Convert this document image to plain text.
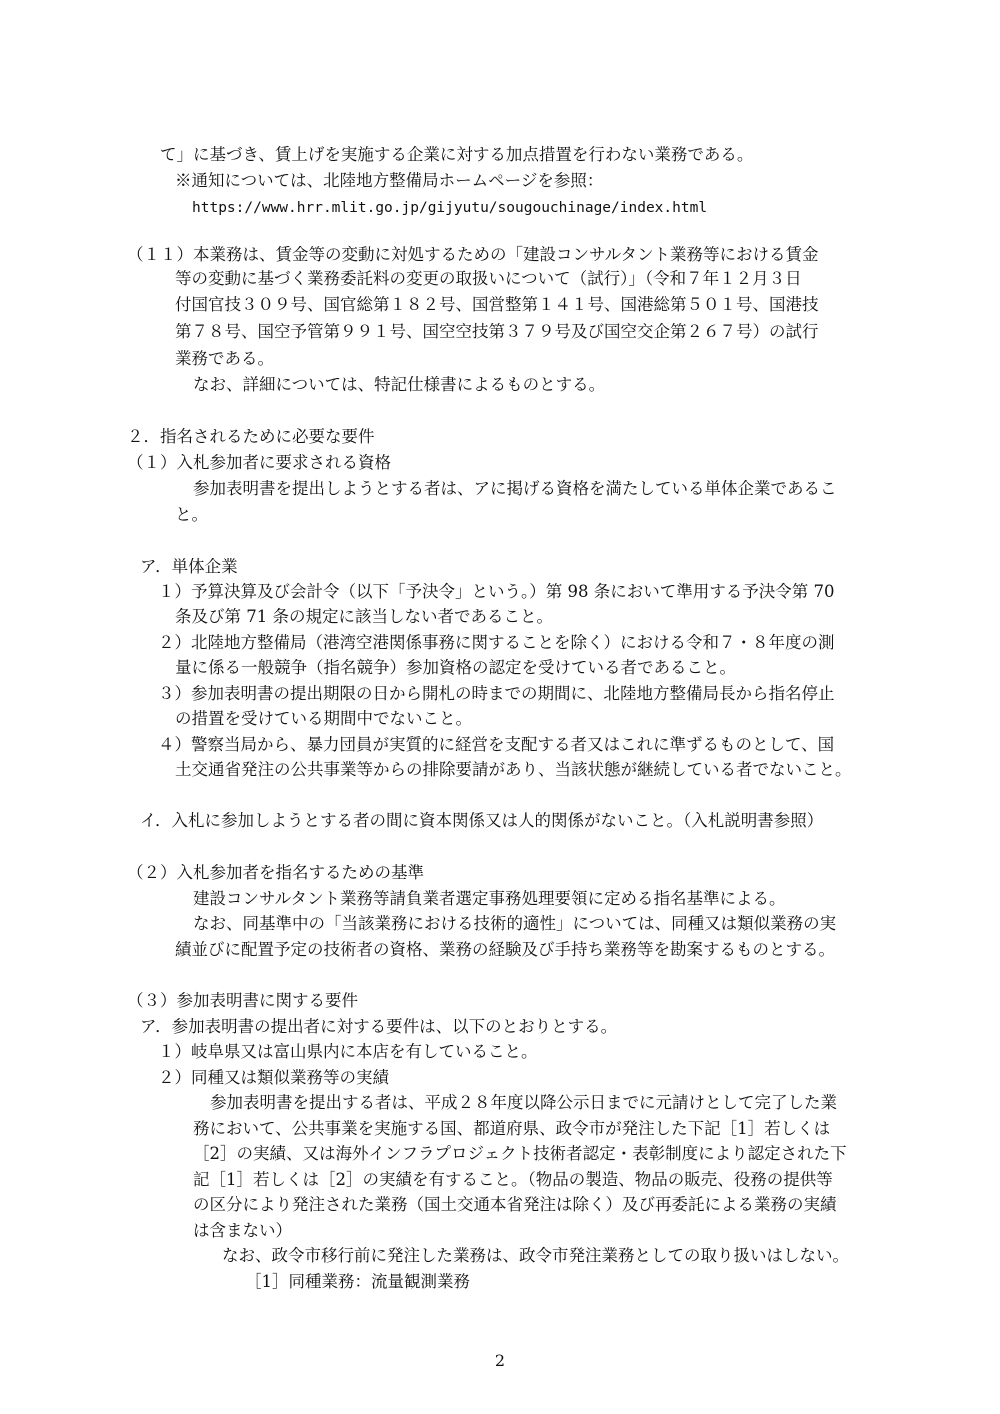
て」に基づき、賃上げを実施する企業に対する加点措置を行わない業務である。
※通知については、北陸地方整備局ホームページを参照：
https://www.hrr.mlit.go.jp/gijyutu/sougouchinage/index.html
（１１）本業務は、賃金等の変動に対処するための「建設コンサルタント業務等における賃金
等の変動に基づく業務委託料の変更の取扱いについて（試行）」（令和７年１２月３日
付国官技３０９号、国官総第１８２号、国営整第１４１号、国港総第５０１号、国港技
第７８号、国空予管第９９１号、国空空技第３７９号及び国空交企第２６７号）の試行
業務である。
なお、詳細については、特記仕様書によるものとする。
２．指名されるために必要な要件
（１）入札参加者に要求される資格
参加表明書を提出しようとする者は、アに掲げる資格を満たしている単体企業であるこ
と。
ア．単体企業
１）予算決算及び会計令（以下「予決令」という。）第 98 条において準用する予決令第 70
条及び第 71 条の規定に該当しない者であること。
２）北陸地方整備局（港湾空港関係事務に関することを除く）における令和７・８年度の測
量に係る一般競争（指名競争）参加資格の認定を受けている者であること。
３）参加表明書の提出期限の日から開札の時までの期間に、北陸地方整備局長から指名停止
の措置を受けている期間中でないこと。
４）警察当局から、暴力団員が実質的に経営を支配する者又はこれに準ずるものとして、国
土交通省発注の公共事業等からの排除要請があり、当該状態が継続している者でないこと。
イ．入札に参加しようとする者の間に資本関係又は人的関係がないこと。（入札説明書参照）
（２）入札参加者を指名するための基準
建設コンサルタント業務等請負業者選定事務処理要領に定める指名基準による。
なお、同基準中の「当該業務における技術的適性」については、同種又は類似業務の実
績並びに配置予定の技術者の資格、業務の経験及び手持ち業務等を勘案するものとする。
（３）参加表明書に関する要件
ア．参加表明書の提出者に対する要件は、以下のとおりとする。
１）岐阜県又は富山県内に本店を有していること。
２）同種又は類似業務等の実績
参加表明書を提出する者は、平成２８年度以降公示日までに元請けとして完了した業
務において、公共事業を実施する国、都道府県、政令市が発注した下記［1］若しくは
［2］の実績、又は海外インフラプロジェクト技術者認定・表彰制度により認定された下
記［1］若しくは［2］の実績を有すること。（物品の製造、物品の販売、役務の提供等
の区分により発注された業務（国土交通本省発注は除く）及び再委託による業務の実績
は含まない）
なお、政令市移行前に発注した業務は、政令市発注業務としての取り扱いはしない。
［1］同種業務：流量観測業務
2
